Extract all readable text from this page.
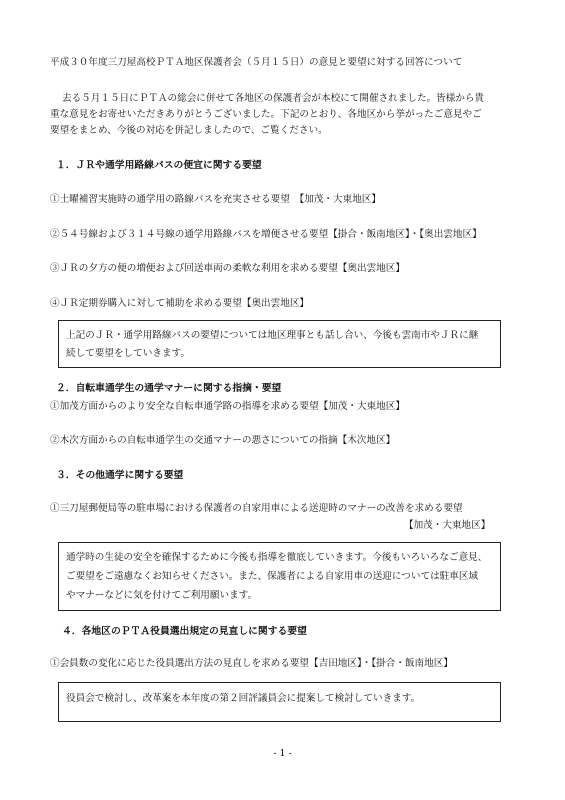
平成３０年度三刀屋高校ＰＴＡ地区保護者会（５月１５日）の意見と要望に対する回答について
去る５月１５日にＰＴＡの総会に併せて各地区の保護者会が本校にて開催されました。皆様から貴
重な意見をお寄せいただきありがとうございました。下記のとおり、各地区から挙がったご意見やご
要望をまとめ、今後の対応を併記しましたので、ご覧ください。
１．ＪＲや通学用路線バスの便宜に関する要望
①土曜補習実施時の通学用の路線バスを充実させる要望　【加茂・大東地区】
②５４号線および３１４号線の通学用路線バスを増便させる要望【掛合・飯南地区】・【奥出雲地区】
③ＪＲの夕方の便の増便および回送車両の柔軟な利用を求める要望【奥出雲地区】
④ＪＲ定期券購入に対して補助を求める要望【奥出雲地区】
上記のＪＲ・通学用路線バスの要望については地区理事とも話し合い、今後も雲南市やＪＲに継
続して要望をしていきます。
２．自転車通学生の通学マナーに関する指摘・要望
①加茂方面からのより安全な自転車通学路の指導を求める要望【加茂・大東地区】
②木次方面からの自転車通学生の交通マナーの悪さについての指摘【木次地区】
３．その他通学に関する要望
①三刀屋郵便局等の駐車場における保護者の自家用車による送迎時のマナーの改善を求める要望
【加茂・大東地区】
通学時の生徒の安全を確保するために今後も指導を徹底していきます。今後もいろいろなご意見、
ご要望をご遠慮なくお知らせください。また、保護者による自家用車の送迎については駐車区域
やマナーなどに気を付けてご利用願います。
４．各地区のＰＴＡ役員選出規定の見直しに関する要望
①会員数の変化に応じた役員選出方法の見直しを求める要望【吉田地区】・【掛合・飯南地区】
役員会で検討し、改革案を本年度の第２回評議員会に提案して検討していきます。
- 1 -
